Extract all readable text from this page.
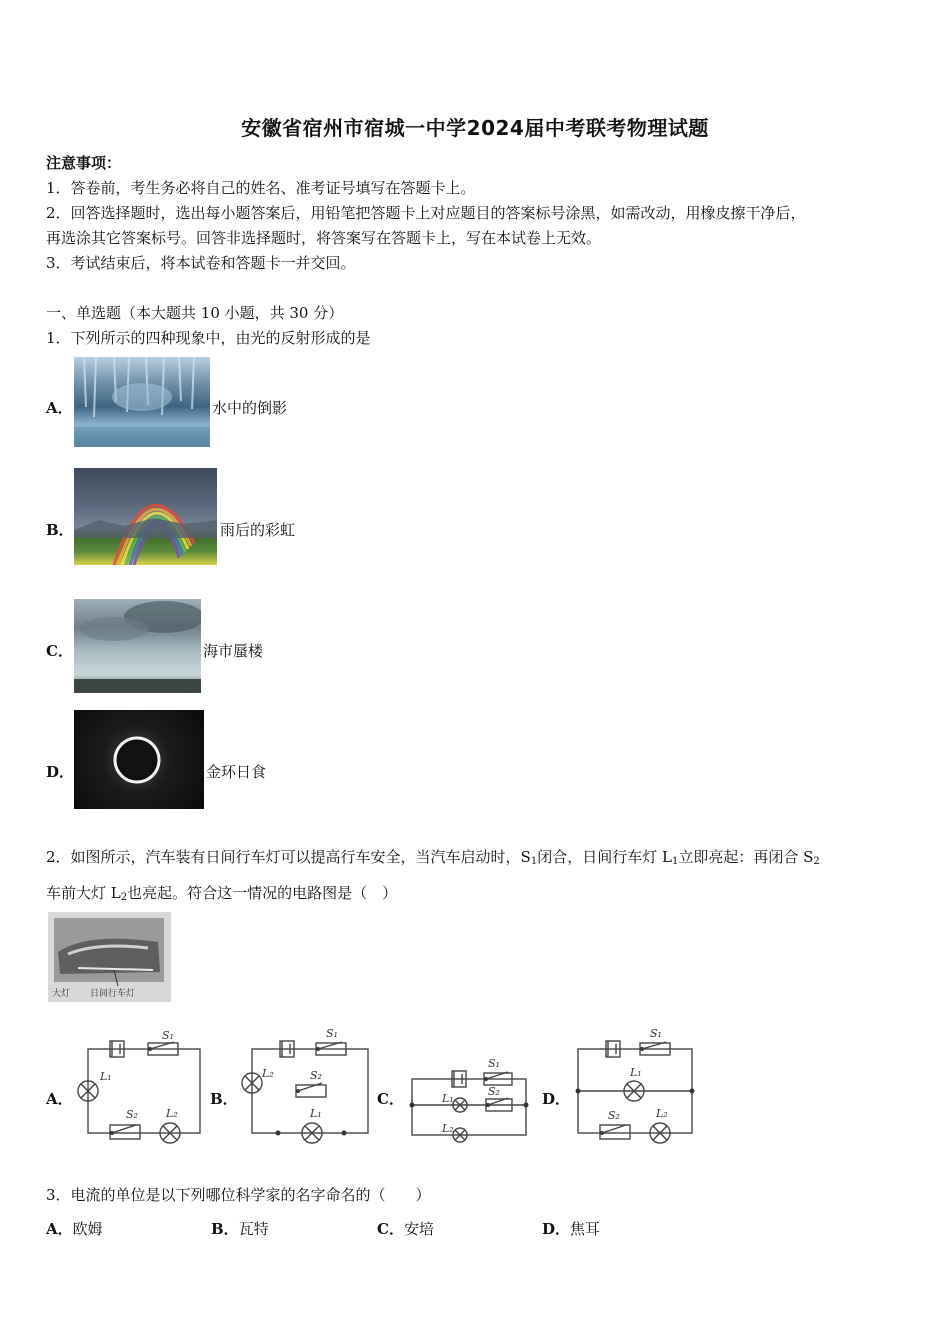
安徽省宿州市宿城一中学2024届中考联考物理试题
注意事项：
1．答卷前，考生务必将自己的姓名、准考证号填写在答题卡上。
2．回答选择题时，选出每小题答案后，用铅笔把答题卡上对应题目的答案标号涂黑，如需改动，用橡皮擦干净后，
再选涂其它答案标号。回答非选择题时，将答案写在答题卡上，写在本试卷上无效。
3．考试结束后，将本试卷和答题卡一并交回。
一、单选题（本大题共 10 小题，共 30 分）
1．下列所示的四种现象中，由光的反射形成的是
A．	水中的倒影
B．	雨后的彩虹
C．	海市蜃楼
D．	金环日食
2．如图所示，汽车装有日间行车灯可以提高行车安全，当汽车启动时，$S_1$闭合，日间行车灯 $L_1$立即亮起：再闭合 $S_2$
车前大灯 $L_2$也亮起。符合这一情况的电路图是（　）
大灯 日间行车灯
A．
S₁
L₁
S₂	L₂
B．
S₁
L₂	S₂
L₁
C．
S₁
L₁
S₂
L₂
D．
S₁
L₁
S₂	L₂
3．电流的单位是以下列哪位科学家的名字命名的（　　）
A．欧姆	B．瓦特	C．安培	D．焦耳
